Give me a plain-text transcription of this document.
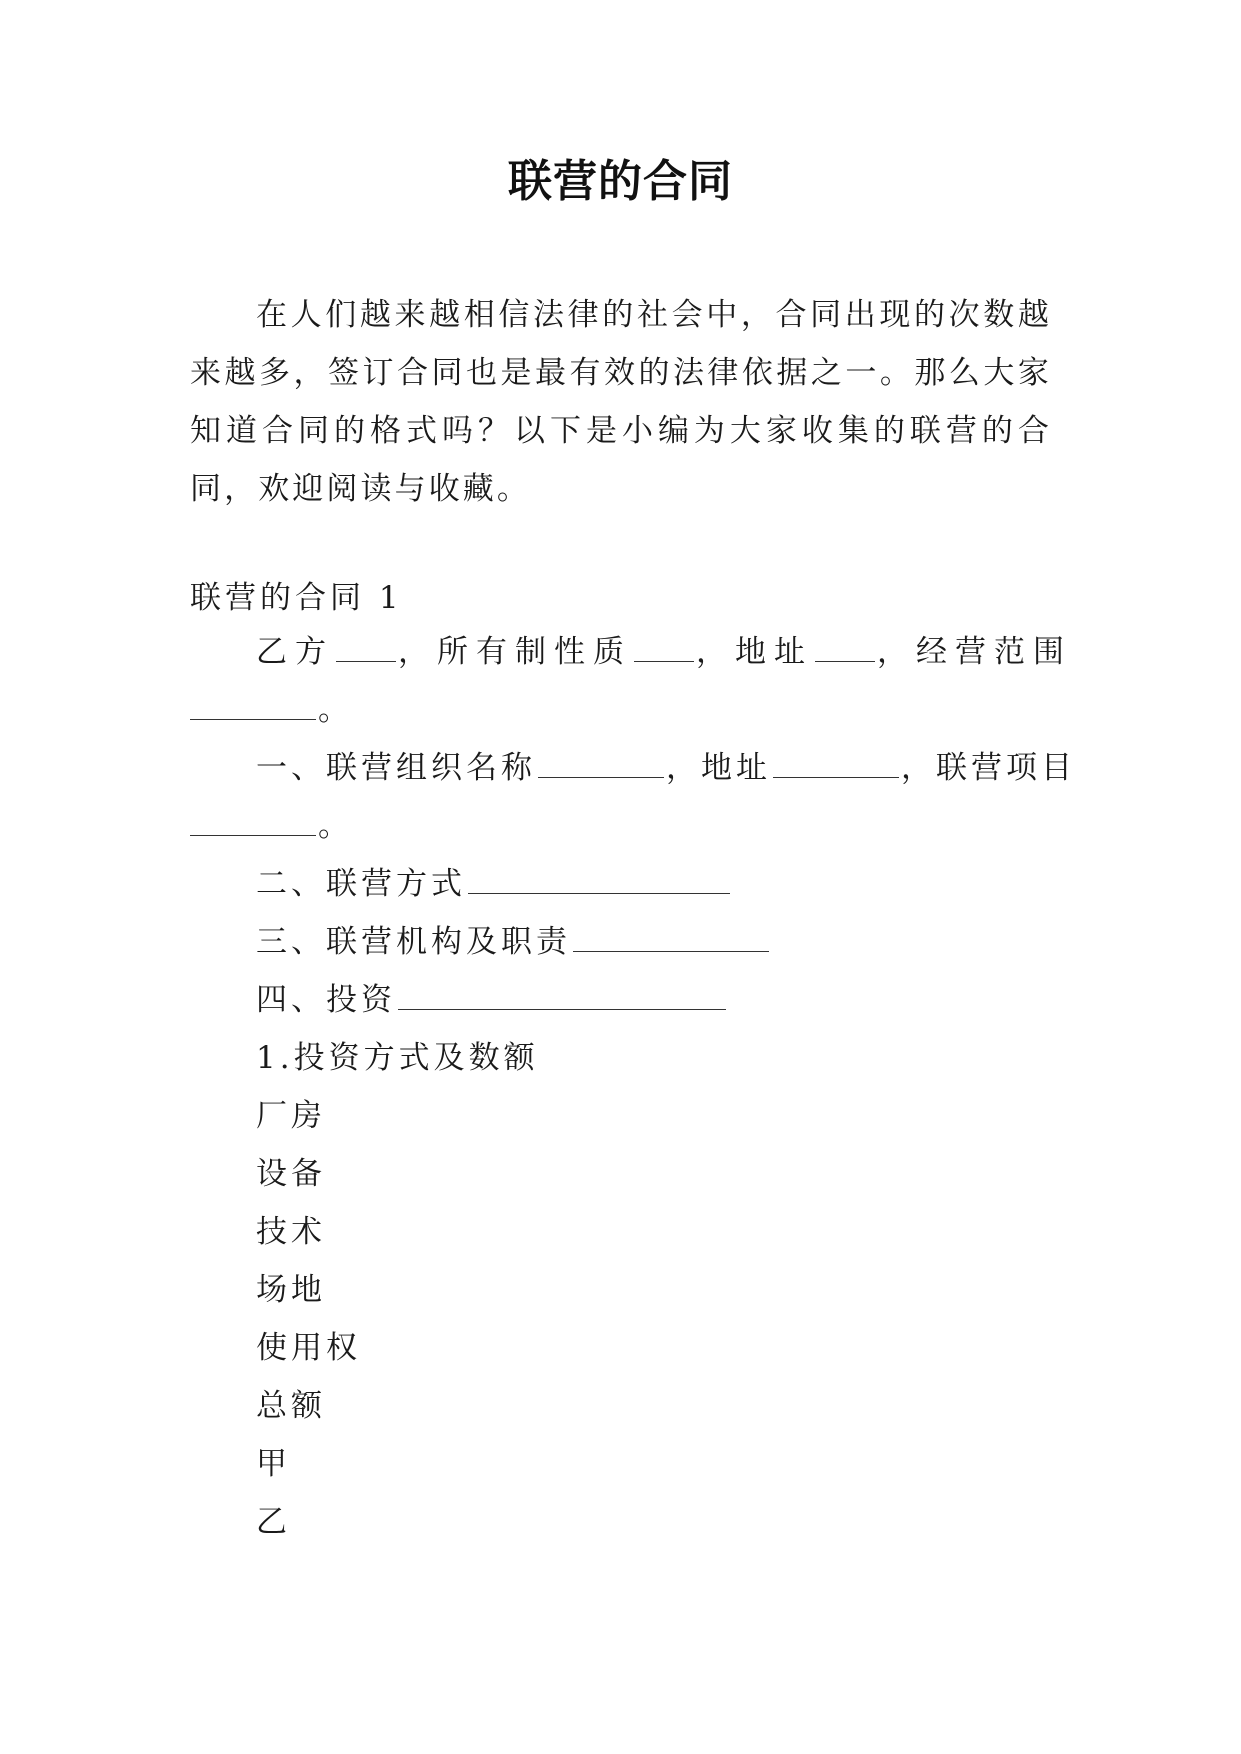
联营的合同

在人们越来越相信法律的社会中，合同出现的次数越来越多，签订合同也是最有效的法律依据之一。那么大家知道合同的格式吗？以下是小编为大家收集的联营的合同，欢迎阅读与收藏。

联营的合同 1

乙方	，所有制性质	，地址	，经营范围

。

一、联营组织名称	，地址	，联营项目

。

二、联营方式

三、联营机构及职责

四、投资

1.投资方式及数额

厂房

设备

技术

场地

使用权

总额

甲

乙
